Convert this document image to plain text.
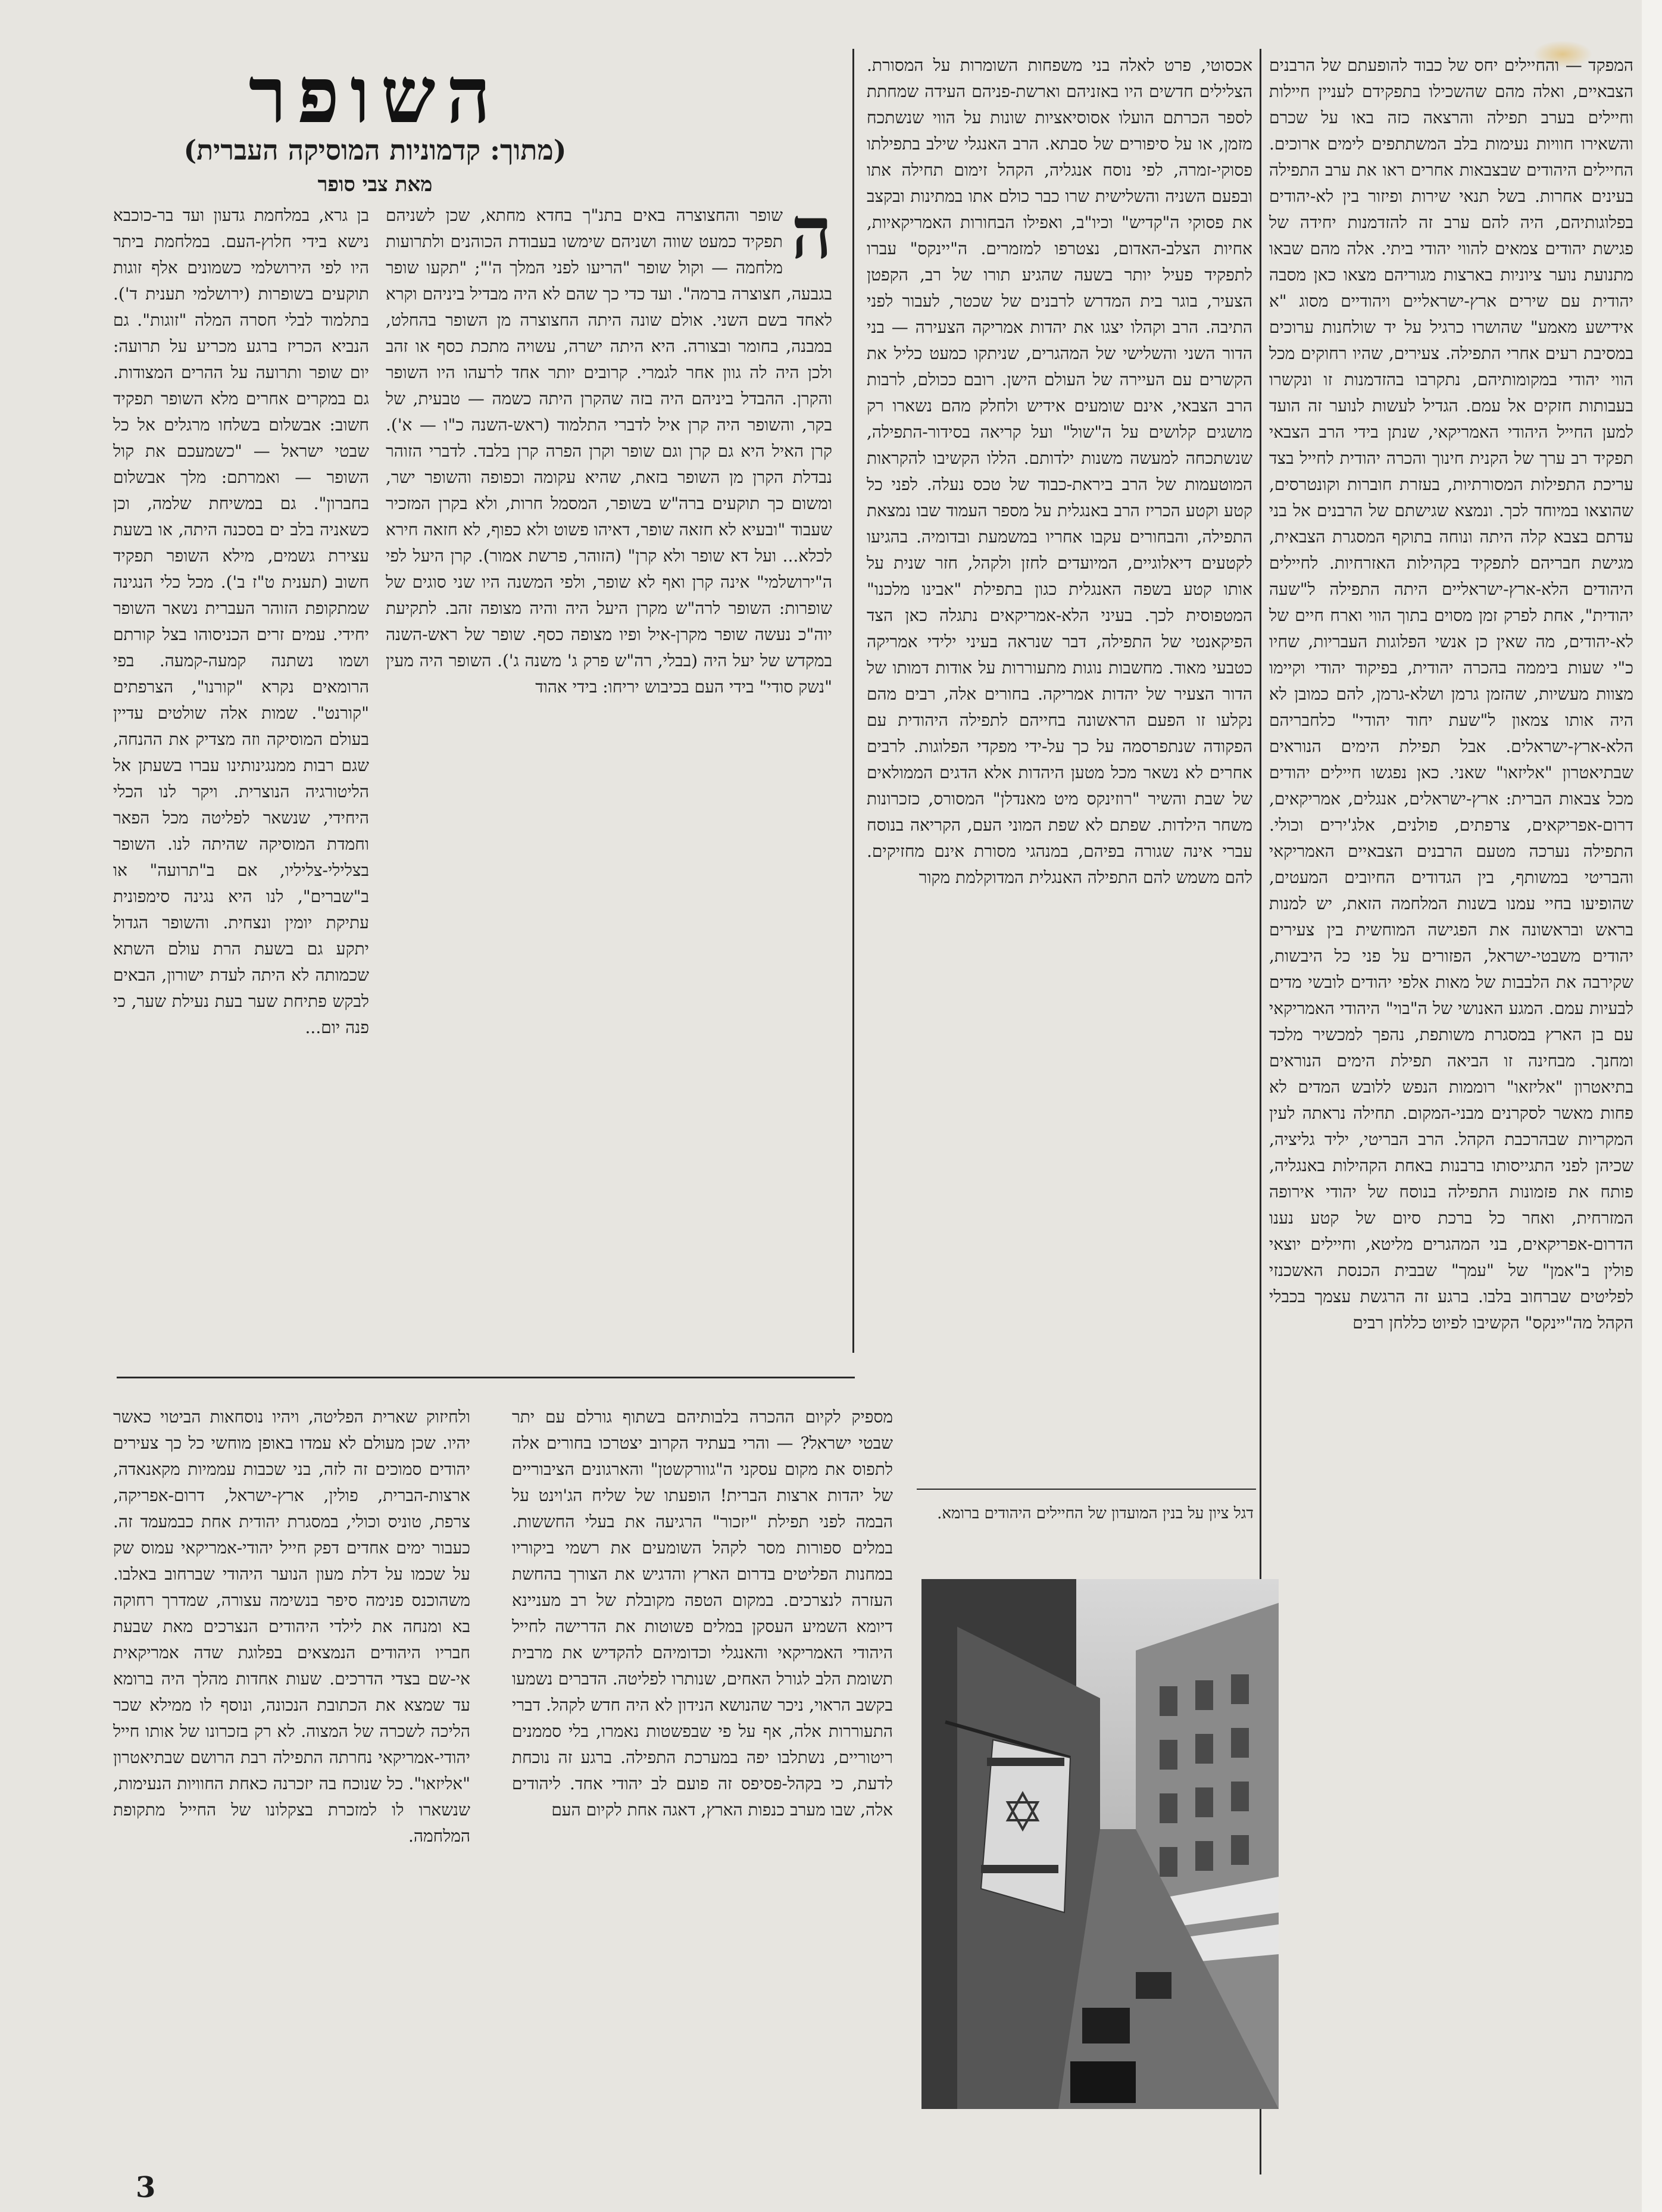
השופר
(מתוך: קדמוניות המוסיקה העברית)
מאת צבי סופר
ה
שופר והחצוצרה באים בתנ"ך בחדא מחתא, שכן לשניהם תפקיד כמעט שווה ושניהם שימשו בעבודת הכוהנים ולתרועות מלחמה — וקול שופר "הריעו לפני המלך ה'"; "תקעו שופר בגבעה, חצוצרה ברמה". ועד כדי כך שהם לא היה מבדיל ביניהם וקרא לאחד בשם השני. אולם שונה היתה החצוצרה מן השופר בהחלט, במבנה, בחומר ובצורה. היא היתה ישרה, עשויה מתכת כסף או זהב ולכן היה לה גוון אחר לגמרי. קרובים יותר אחד לרעהו היו השופר והקרן. ההבדל ביניהם היה בזה שהקרן היתה כשמה — טבעית, של בקר, והשופר היה קרן איל לדברי התלמוד (ראש-השנה כ"ו — א'). קרן האיל היא גם קרן וגם שופר וקרן הפרה קרן בלבד. לדברי הזוהר נבדלת הקרן מן השופר בזאת, שהיא עקומה וכפופה והשופר ישר, ומשום כך תוקעים ברה"ש בשופר, המסמל חרות, ולא בקרן המזכיר שעבוד "ובעיא לא חזאה שופר, דאיהו פשוט ולא כפוף, לא חזאה חירא לכלא... ועל דא שופר ולא קרן" (הזוהר, פרשת אמור). קרן היעל לפי ה"ירושלמי" אינה קרן ואף לא שופר, ולפי המשנה היו שני סוגים של שופרות: השופר לרה"ש מקרן היעל היה והיה מצופה זהב. לתקיעת יוה"כ נעשה שופר מקרן-איל ופיו מצופה כסף. שופר של ראש-השנה במקדש של יעל היה (בבלי, רה"ש פרק ג' משנה ג'). השופר היה מעין "נשק סודי" בידי העם בכיבוש יריחו: בידי אהוד
בן גרא, במלחמת גדעון ועד בר-כוכבא נישא בידי חלוץ-העם. במלחמת ביתר היו לפי הירושלמי כשמונים אלף זוגות תוקעים בשופרות (ירושלמי תענית ד'). בתלמוד לבלי חסרה המלה "זוגות". גם הנביא הכריז ברגע מכריע על תרועה: יום שופר ותרועה על ההרים המצודות. גם במקרים אחרים מלא השופר תפקיד חשוב: אבשלום בשלחו מרגלים אל כל שבטי ישראל — "כשמעכם את קול השופר — ואמרתם: מלך אבשלום בחברון". גם במשיחת שלמה, וכן כשאניה בלב ים בסכנה היתה, או בשעת עצירת גשמים, מילא השופר תפקיד חשוב (תענית ט"ז ב'). מכל כלי הנגינה שמתקופת הזוהר העברית נשאר השופר יחידי. עמים זרים הכניסוהו בצל קורתם ושמו נשתנה קמעה-קמעה. בפי הרומאים נקרא "קורנו", הצרפתים "קורנט". שמות אלה שולטים עדיין בעולם המוסיקה וזה מצדיק את ההנחה, שגם רבות ממנגינותינו עברו בשעתן אל הליטורגיה הנוצרית. ויקר לנו הכלי היחידי, שנשאר לפליטה מכל הפאר וחמדת המוסיקה שהיתה לנו. השופר בצלילי-צליליו, אם ב"תרועה" או ב"שברים", לנו היא נגינה סימפונית עתיקת יומין ונצחית. והשופר הגדול יתקע גם בשעת הרת עולם השתא שכמותה לא היתה לעדת ישורון, הבאים לבקש פתיחת שער בעת נעילת שער, כי פנה יום...
אכסוטי, פרט לאלה בני משפחות השומרות על המסורת. הצלילים חדשים היו באזניהם וארשת-פניהם העידה שמחתת לספר הכרתם הועלו אסוסיאציות שונות על הווי שנשתכח מזמן, או על סיפורים של סבתא. הרב האנגלי שילב בתפילתו פסוקי-זמרה, לפי נוסח אנגליה, הקהל זימום תחילה אתו ובפעם השניה והשלישית שרו כבר כולם אתו במתינות ובקצב את פסוקי ה"קדיש" וכיו"ב, ואפילו הבחורות האמריקאיות, אחיות הצלב-האדום, נצטרפו למזמרים. ה"יינקס" עברו לתפקיד פעיל יותר בשעה שהגיע תורו של רב, הקפטן הצעיר, בוגר בית המדרש לרבנים של שכטר, לעבור לפני התיבה. הרב וקהלו יצגו את יהדות אמריקה הצעירה — בני הדור השני והשלישי של המהגרים, שניתקו כמעט כליל את הקשרים עם העיירה של העולם הישן. רובם ככולם, לרבות הרב הצבאי, אינם שומעים אידיש ולחלק מהם נשארו רק מושגים קלושים על ה"שול" ועל קריאה בסידור-התפילה, שנשתכחה למעשה משנות ילדותם. הללו הקשיבו להקראות המוטעמות של הרב ביראת-כבוד של טכס נעלה. לפני כל קטע וקטע הכריז הרב באנגלית על מספר העמוד שבו נמצאת התפילה, והבחורים עקבו אחריו במשמעת ובדומיה. בהגיעו לקטעים דיאלוגיים, המיועדים לחזן ולקהל, חזר שנית על אותו קטע בשפה האנגלית כגון בתפילת "אבינו מלכנו" המטפוסית לכך. בעיני הלא-אמריקאים נתגלה כאן הצד הפיקאנטי של התפילה, דבר שנראה בעיני ילידי אמריקה כטבעי מאוד. מחשבות נוגות מתעוררות על אודות דמותו של הדור הצעיר של יהדות אמריקה. בחורים אלה, רבים מהם נקלעו זו הפעם הראשונה בחייהם לתפילה היהודית עם הפקודה שנתפרסמה על כך על-ידי מפקדי הפלוגות. לרבים אחרים לא נשאר מכל מטען היהדות אלא הדגים הממולאים של שבת והשיר "רוזינקס מיט מאנדלן" המסורס, כזכרונות משחר הילדות. שפתם לא שפת המוני העם, הקריאה בנוסח עברי אינה שגורה בפיהם, במנהגי מסורת אינם מחזיקים. להם משמש להם התפילה האנגלית המדוקלמת מקור
המפקד — והחיילים יחס של כבוד להופעתם של הרבנים הצבאיים, ואלה מהם שהשכילו בתפקידם לעניין חיילות וחיילים בערב תפילה והרצאה כזה באו על שכרם והשאירו חוויות נעימות בלב המשתתפים לימים ארוכים. החיילים היהודים שבצבאות אחרים ראו את ערב התפילה בעינים אחרות. בשל תנאי שירות ופיזור בין לא-יהודים בפלוגותיהם, היה להם ערב זה להזדמנות יחידה של פגישת יהודים צמאים להווי יהודי ביתי. אלה מהם שבאו מתנועת נוער ציוניות בארצות מגוריהם מצאו כאן מסבה יהודית עם שירים ארץ-ישראליים ויהודיים מסוג "א אידישע מאמע" שהושרו כרגיל על יד שולחנות ערוכים במסיבת רעים אחרי התפילה. צעירים, שהיו רחוקים מכל הווי יהודי במקומותיהם, נתקרבו בהזדמנות זו ונקשרו בעבותות חזקים אל עמם. הגדיל לעשות לנוער זה הועד למען החייל היהודי האמריקאי, שנתן בידי הרב הצבאי תפקיד רב ערך של הקנית חינוך והכרה יהודית לחייל בצד עריכת התפילות המסורתיות, בעזרת חוברות וקונטרסים, שהוצאו במיוחד לכך. ונמצא שגישתם של הרבנים אל בני עדתם בצבא קלה היתה ונוחה בתוקף המסגרת הצבאית, מגישת חבריהם לתפקיד בקהילות האזרחיות. לחיילים היהודים הלא-ארץ-ישראליים היתה התפילה ל"שעה יהודית", אחת לפרק זמן מסוים בתוך הווי וארח חיים של לא-יהודים, מה שאין כן אנשי הפלוגות העבריות, שחיו כ"י שעות ביממה בהכרה יהודית, בפיקוד יהודי וקיימו מצוות מעשיות, שהזמן גרמן ושלא-גרמן, להם כמובן לא היה אותו צמאון ל"שעת יחוד יהודי" כלחבריהם הלא-ארץ-ישראלים. אבל תפילת הימים הנוראים שבתיאטרון "אליזאו" שאני. כאן נפגשו חיילים יהודים מכל צבאות הברית: ארץ-ישראלים, אנגלים, אמריקאים, דרום-אפריקאים, צרפתים, פולנים, אלג'ירים וכולי. התפילה נערכה מטעם הרבנים הצבאיים האמריקאי והבריטי במשותף, בין הגדודים החיובים המעטים, שהופיעו בחיי עמנו בשנות המלחמה הזאת, יש למנות בראש ובראשונה את הפגישה המוחשית בין צעירים יהודים משבטי-ישראל, הפזורים על פני כל היבשות, שקירבה את הלבבות של מאות אלפי יהודים לובשי מדים לבעיות עמם. המגע האנושי של ה"בוי" היהודי האמריקאי עם בן הארץ במסגרת משותפת, נהפך למכשיר מלכד ומחנך. מבחינה זו הביאה תפילת הימים הנוראים בתיאטרון "אליזאו" רוממות הנפש ללובש המדים לא פחות מאשר לסקרנים מבני-המקום. תחילה נראתה לעין המקריות שבהרכבת הקהל. הרב הבריטי, יליד גליציה, שכיהן לפני התגייסותו ברבנות באחת הקהילות באנגליה, פותח את פזמונות התפילה בנוסח של יהודי אירופה המזרחית, ואחר כל ברכת סיום של קטע נענו הדרום-אפריקאים, בני המהגרים מליטא, וחיילים יוצאי פולין ב"אמן" של "עמך" שבבית הכנסת האשכנזי לפליטים שברחוב בלבו. ברגע זה הרגשת עצמך בכבלי הקהל מה"יינקס" הקשיבו לפיוט כללחן רבים
ולחיזוק שארית הפליטה, ויהיו נוסחאות הביטוי כאשר יהיו. שכן מעולם לא עמדו באופן מוחשי כל כך צעירים יהודים סמוכים זה לזה, בני שכבות עממיות מקאנאדה, ארצות-הברית, פולין, ארץ-ישראל, דרום-אפריקה, צרפת, טוניס וכולי, במסגרת יהודית אחת כבמעמד זה. כעבור ימים אחדים דפק חייל יהודי-אמריקאי עמוס שק על שכמו על דלת מעון הנוער היהודי שברחוב באלבו. משהוכנס פנימה סיפר בנשימה עצורה, שמדרך רחוקה בא ומנחה את לילדי היהודים הנצרכים מאת שבעת חבריו היהודים הנמצאים בפלוגת שדה אמריקאית אי-שם בצדי הדרכים. שעות אחדות מהלך היה ברומא עד שמצא את הכתובת הנכונה, ונוסף לו ממילא שכר הליכה לשכרה של המצוה. לא רק בזכרונו של אותו חייל יהודי-אמריקאי נחרתה התפילה רבת הרושם שבתיאטרון "אליזאו". כל שנוכח בה יזכרנה כאחת החוויות הנעימות, שנשארו לו למזכרת בצקלונו של החייל מתקופת המלחמה.
מספיק לקיום ההכרה בלבותיהם בשתוף גורלם עם יתר שבטי ישראל? — והרי בעתיד הקרוב יצטרכו בחורים אלה לתפוס את מקום עסקני ה"גוורקשטן" והארגונים הציבוריים של יהדות ארצות הברית! הופעתו של שליח הג'וינט על הבמה לפני תפילת "יזכור" הרגיעה את בעלי החששות. במלים ספורות מסר לקהל השומעים את רשמי ביקוריו במחנות הפליטים בדרום הארץ והדגיש את הצורך בהחשת העזרה לנצרכים. במקום הטפה מקובלת של רב מעניינא דיומא השמיע העסקן במלים פשוטות את הדרישה לחייל היהודי האמריקאי והאנגלי וכדומיהם להקדיש את מרבית תשומת הלב לגורל האחים, שנותרו לפליטה. הדברים נשמעו בקשב הראוי, ניכר שהנושא הנידון לא היה חדש לקהל. דברי התעוררות אלה, אף על פי שבפשטות נאמרו, בלי סממנים ריטוריים, נשתלבו יפה במערכת התפילה. ברגע זה נוכחת לדעת, כי בקהל-פסיפס זה פועם לב יהודי אחד. ליהודים אלה, שבו מערב כנפות הארץ, דאגה אחת לקיום העם
דגל ציון על בנין המועדון של החיילים היהודים ברומא.
3
